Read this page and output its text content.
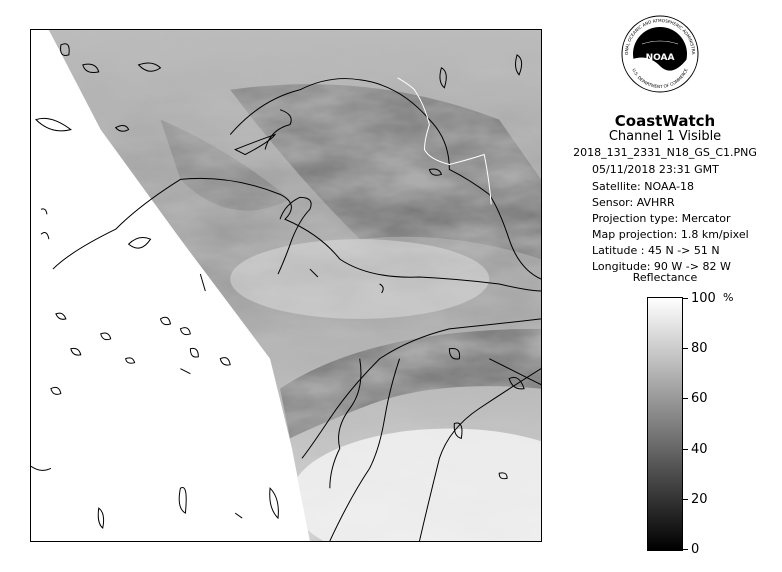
NOAA
ONAL OCEANIC AND ATMOSPHERIC ADMINISTRA
U.S. DEPARTMENT OF COMMERCE
CoastWatch
Channel 1 Visible
2018_131_2331_N18_GS_C1.PNG
05/11/2018 23:31 GMT
Satellite: NOAA-18
Sensor: AVHRR
Projection type: Mercator
Map projection: 1.8 km/pixel
Latitude : 45 N -> 51 N
Longitude: 90 W -> 82 W
Reflectance
%
100
80
60
40
20
0
